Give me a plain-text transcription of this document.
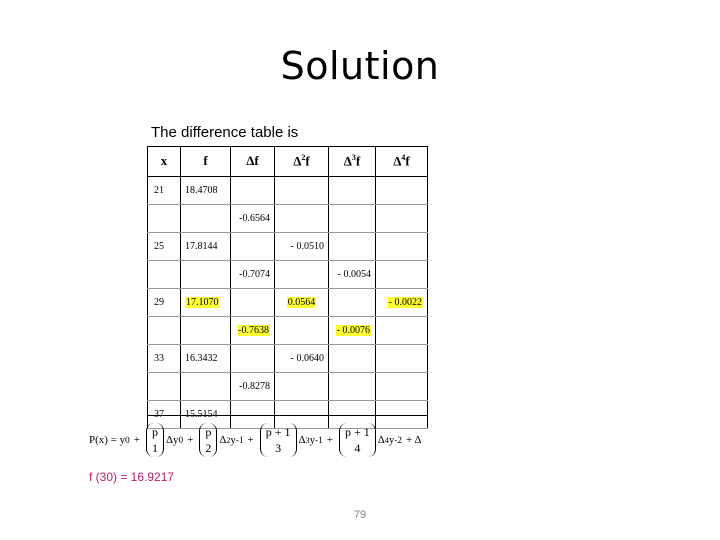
Solution
The difference table is
x	f	Δf	$\Delta^2f$	$\Delta^3f$	$\Delta^4f$
21	18.4708				
		-0.6564			
25	17.8144		- 0.0510		
		-0.7074		- 0.0054	
29	17.1070		0.0564		- 0.0022
		-0.7638		- 0.0076	
33	16.3432		- 0.0640		
		-0.8278			
37	15.5154				
P(x) = y 0 +
p
1
Δy 0 +
p
2
Δ 2 y -1 +
p + 1
3
Δ 3 y -1 +
p + 1
4
Δ 4 y -2 + Δ
f (30) = 16.9217
79
